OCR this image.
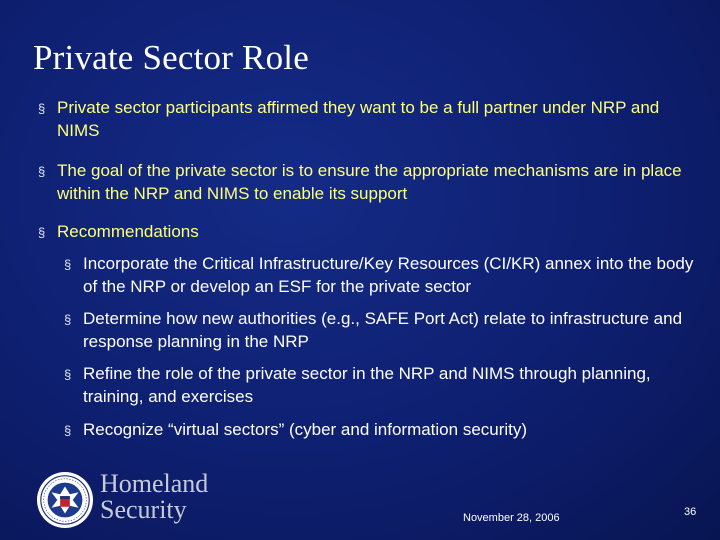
Private Sector Role
§ Private sector participants affirmed they want to be a full partner under NRP and NIMS
§ The goal of the private sector is to ensure the appropriate mechanisms are in place within the NRP and NIMS to enable its support
§ Recommendations
§ Incorporate the Critical Infrastructure/Key Resources (CI/KR) annex into the body of the NRP or develop an ESF for the private sector
§ Determine how new authorities (e.g., SAFE Port Act) relate to infrastructure and response planning in the NRP
§ Refine the role of the private sector in the NRP and NIMS through planning, training, and exercises
§ Recognize “virtual sectors” (cyber and information security)
Homeland
Security	November 28, 2006	36
